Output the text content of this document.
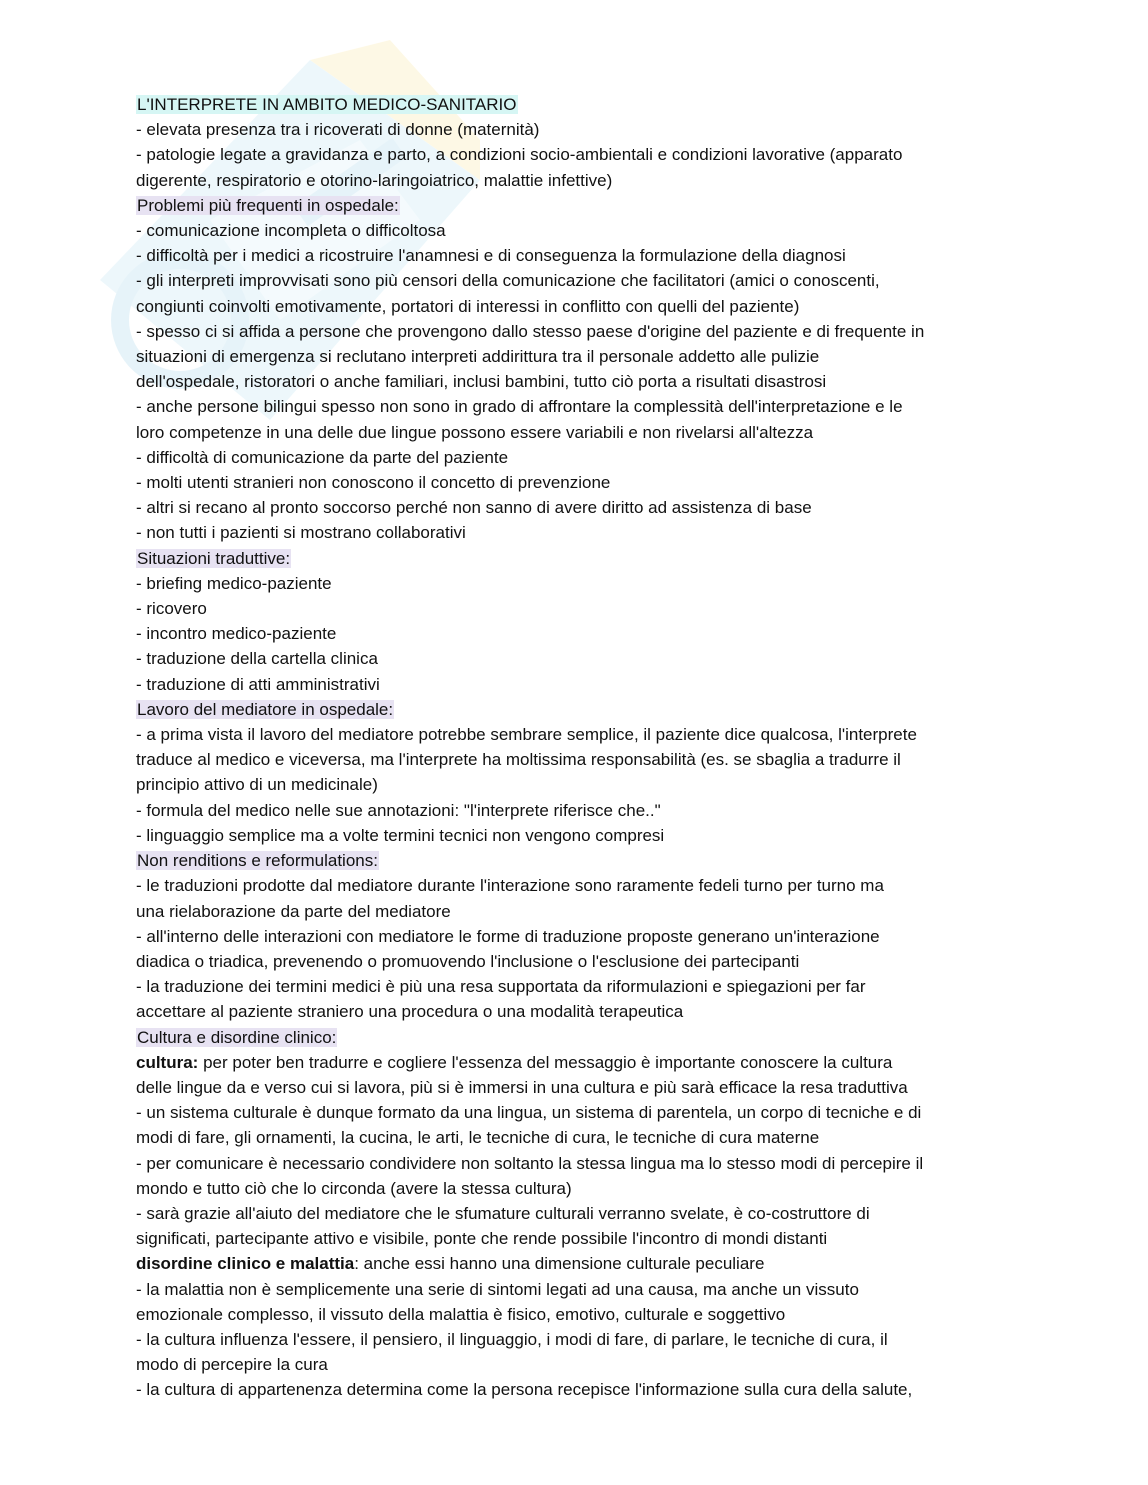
L'INTERPRETE IN AMBITO MEDICO-SANITARIO
- elevata presenza tra i ricoverati di donne (maternità)
- patologie legate a gravidanza e parto, a condizioni socio-ambientali e condizioni lavorative (apparato
digerente, respiratorio e otorino-laringoiatrico, malattie infettive)
Problemi più frequenti in ospedale:
- comunicazione incompleta o difficoltosa
- difficoltà per i medici a ricostruire l'anamnesi e di conseguenza la formulazione della diagnosi
- gli interpreti improvvisati sono più censori della comunicazione che facilitatori (amici o conoscenti,
congiunti coinvolti emotivamente, portatori di interessi in conflitto con quelli del paziente)
- spesso ci si affida a persone che provengono dallo stesso paese d'origine del paziente e di frequente in
situazioni di emergenza si reclutano interpreti addirittura tra il personale addetto alle pulizie
dell'ospedale, ristoratori o anche familiari, inclusi bambini, tutto ciò porta a risultati disastrosi
- anche persone bilingui spesso non sono in grado di affrontare la complessità dell'interpretazione e le
loro competenze in una delle due lingue possono essere variabili e non rivelarsi all'altezza
- difficoltà di comunicazione da parte del paziente
- molti utenti stranieri non conoscono il concetto di prevenzione
- altri si recano al pronto soccorso perché non sanno di avere diritto ad assistenza di base
- non tutti i pazienti si mostrano collaborativi
Situazioni traduttive:
- briefing medico-paziente
- ricovero
- incontro medico-paziente
- traduzione della cartella clinica
- traduzione di atti amministrativi
Lavoro del mediatore in ospedale:
- a prima vista il lavoro del mediatore potrebbe sembrare semplice, il paziente dice qualcosa, l'interprete
traduce al medico e viceversa, ma l'interprete ha moltissima responsabilità (es. se sbaglia a tradurre il
principio attivo di un medicinale)
- formula del medico nelle sue annotazioni: "l'interprete riferisce che.."
- linguaggio semplice ma a volte termini tecnici non vengono compresi
Non renditions e reformulations:
- le traduzioni prodotte dal mediatore durante l'interazione sono raramente fedeli turno per turno ma
una rielaborazione da parte del mediatore
- all'interno delle interazioni con mediatore le forme di traduzione proposte generano un'interazione
diadica o triadica, prevenendo o promuovendo l'inclusione o l'esclusione dei partecipanti
- la traduzione dei termini medici è più una resa supportata da riformulazioni e spiegazioni per far
accettare al paziente straniero una procedura o una modalità terapeutica
Cultura e disordine clinico:
cultura: per poter ben tradurre e cogliere l'essenza del messaggio è importante conoscere la cultura
delle lingue da e verso cui si lavora, più si è immersi in una cultura e più sarà efficace la resa traduttiva
- un sistema culturale è dunque formato da una lingua, un sistema di parentela, un corpo di tecniche e di
modi di fare, gli ornamenti, la cucina, le arti, le tecniche di cura, le tecniche di cura materne
- per comunicare è necessario condividere non soltanto la stessa lingua ma lo stesso modi di percepire il
mondo e tutto ciò che lo circonda (avere la stessa cultura)
- sarà grazie all'aiuto del mediatore che le sfumature culturali verranno svelate, è co-costruttore di
significati, partecipante attivo e visibile, ponte che rende possibile l'incontro di mondi distanti
disordine clinico e malattia: anche essi hanno una dimensione culturale peculiare
- la malattia non è semplicemente una serie di sintomi legati ad una causa, ma anche un vissuto
emozionale complesso, il vissuto della malattia è fisico, emotivo, culturale e soggettivo
- la cultura influenza l'essere, il pensiero, il linguaggio, i modi di fare, di parlare, le tecniche di cura, il
modo di percepire la cura
- la cultura di appartenenza determina come la persona recepisce l'informazione sulla cura della salute,
